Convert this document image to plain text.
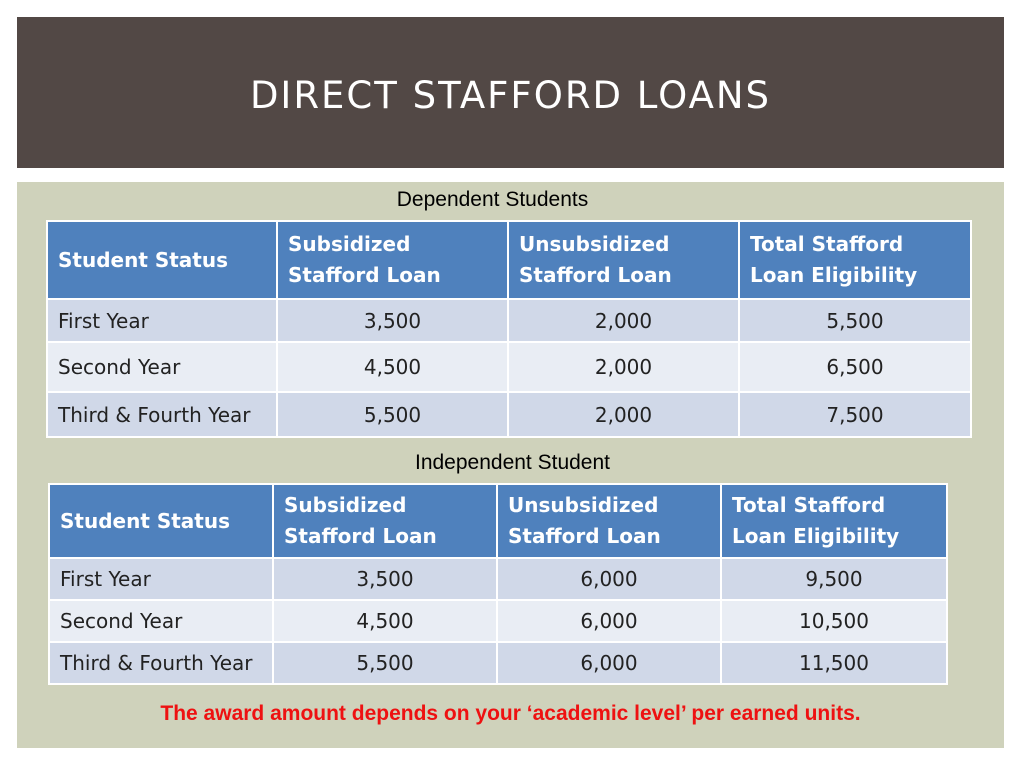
DIRECT STAFFORD LOANS
Dependent Students
Student Status	Subsidized Stafford Loan	Unsubsidized Stafford Loan	Total Stafford Loan Eligibility
First Year	3,500	2,000	5,500
Second Year	4,500	2,000	6,500
Third & Fourth Year	5,500	2,000	7,500
Independent Student
Student Status	Subsidized Stafford Loan	Unsubsidized Stafford Loan	Total Stafford Loan Eligibility
First Year	3,500	6,000	9,500
Second Year	4,500	6,000	10,500
Third & Fourth Year	5,500	6,000	11,500
The award amount depends on your ‘academic level’ per earned units.
